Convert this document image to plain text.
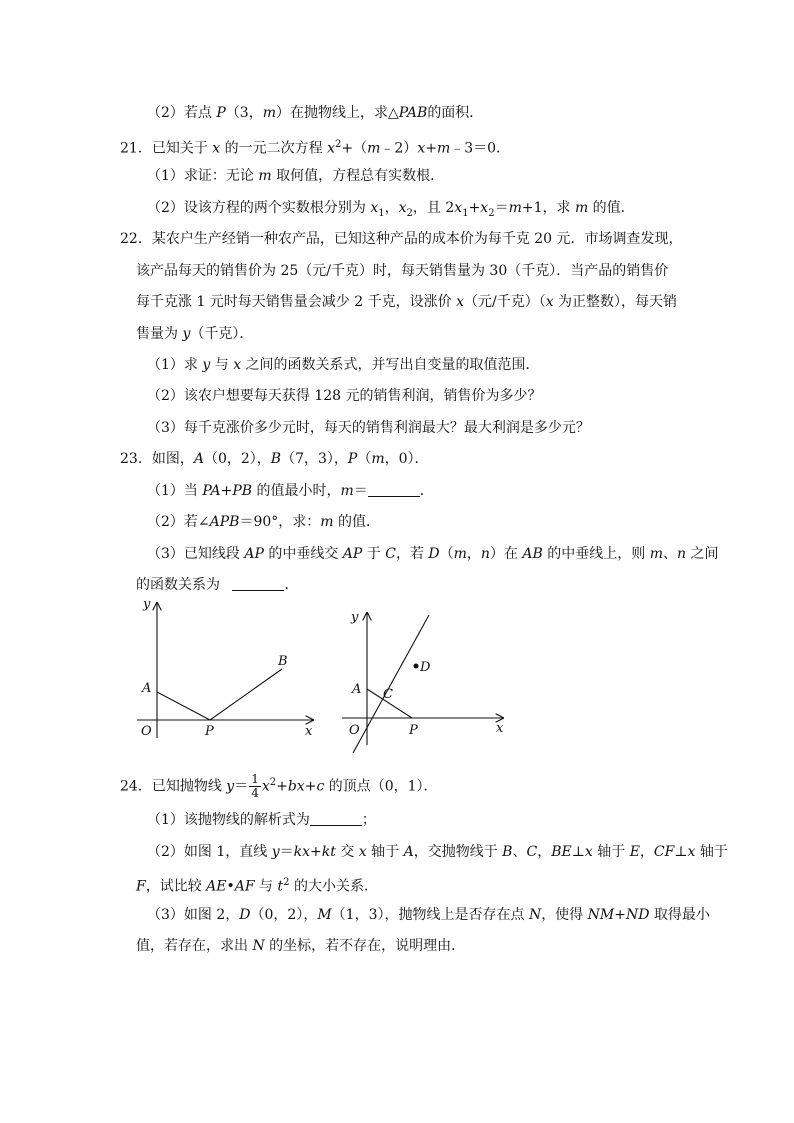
（2）若点 P（3，m）在抛物线上，求△PAB的面积．
21．已知关于 x 的一元二次方程 $x^2+(m﹣2)x+m﹣3=0$．
（1）求证：无论 m 取何值，方程总有实数根．
（2）设该方程的两个实数根分别为 $x_1$，$x_2$，且 $2x_1+x_2=m+1$，求 m 的值．
22．某农户生产经销一种农产品，已知这种产品的成本价为每千克 20 元．市场调查发现，
该产品每天的销售价为 25（元/千克）时，每天销售量为 30（千克）．当产品的销售价
每千克涨 1 元时每天销售量会减少 2 千克，设涨价 x（元/千克）（x 为正整数），每天销
售量为 y（千克）．
（1）求 y 与 x 之间的函数关系式，并写出自变量的取值范围．
（2）该农户想要每天获得 128 元的销售利润，销售价为多少？
（3）每千克涨价多少元时，每天的销售利润最大？最大利润是多少元？
23．如图，A（0，2），B（7，3），P（m，0）．
（1）当 PA+PB 的值最小时，m＝	．
（2）若∠APB＝90°，求：m 的值．
（3）已知线段 AP 的中垂线交 AP 于 C，若 D（m，n）在 AB 的中垂线上，则 m、n 之间
的函数关系为	．
y
x
O
A
B
P
y
x
O
A C
D
P
24．已知抛物线 $y= \frac{1}{4} x^2+bx+c$ 的顶点（0，1）．
（1）该抛物线的解析式为	；
（2）如图 1，直线 y＝kx+kt 交 x 轴于 A，交抛物线于 B、C，BE⊥x 轴于 E，CF⊥x 轴于
F，试比较 AE•AF 与 $t^2$ 的大小关系．
（3）如图 2，D（0，2），M（1，3），抛物线上是否存在点 N，使得 NM+ND 取得最小
值，若存在，求出 N 的坐标，若不存在，说明理由．
